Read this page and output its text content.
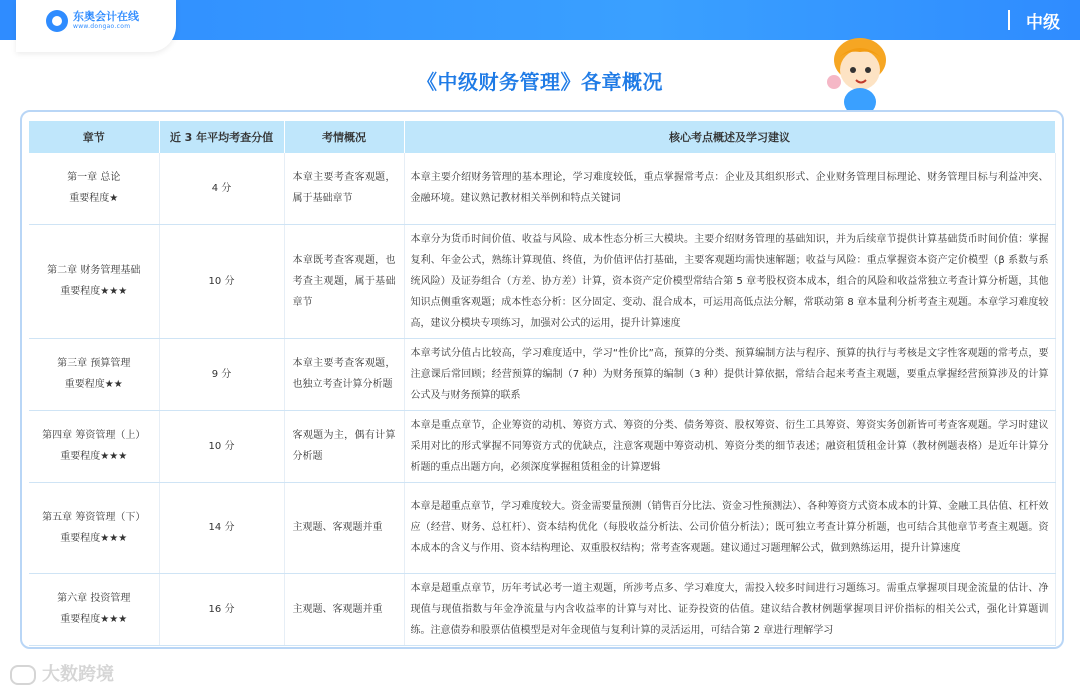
中级
东奥会计在线
www.dongao.com
《中级财务管理》各章概况
章节	近 3 年平均考查分值	考情概况	核心考点概述及学习建议

第一章 总论
重要程度★	4 分	本章主要考查客观题，属于基础章节	本章主要介绍财务管理的基本理论，学习难度较低，重点掌握常考点：企业及其组织形式、企业财务管理目标理论、财务管理目标与利益冲突、金融环境。建议熟记教材相关举例和特点关键词

第二章 财务管理基础
重要程度★★★	10 分	本章既考查客观题，也考查主观题，属于基础章节	本章分为货币时间价值、收益与风险、成本性态分析三大模块。主要介绍财务管理的基础知识，并为后续章节提供计算基础货币时间价值：掌握复利、年金公式，熟练计算现值、终值，为价值评估打基础，主要客观题均需快速解题；收益与风险：重点掌握资本资产定价模型（β 系数与系统风险）及证券组合（方差、协方差）计算，资本资产定价模型常结合第 5 章考股权资本成本，组合的风险和收益常独立考查计算分析题，其他知识点侧重客观题；成本性态分析：区分固定、变动、混合成本，可运用高低点法分解，常联动第 8 章本量利分析考查主观题。本章学习难度较高，建议分模块专项练习，加强对公式的运用，提升计算速度

第三章 预算管理
重要程度★★	9 分	本章主要考查客观题，也独立考查计算分析题	本章考试分值占比较高，学习难度适中，学习“性价比”高，预算的分类、预算编制方法与程序、预算的执行与考核是文字性客观题的常考点，要注意课后常回顾；经营预算的编制（7 种）为财务预算的编制（3 种）提供计算依据，常结合起来考查主观题，要重点掌握经营预算涉及的计算公式及与财务预算的联系

第四章 筹资管理（上）
重要程度★★★	10 分	客观题为主，偶有计算分析题	本章是重点章节，企业筹资的动机、筹资方式、筹资的分类、债务筹资、股权筹资、衍生工具筹资、筹资实务创新皆可考查客观题。学习时建议采用对比的形式掌握不同筹资方式的优缺点，注意客观题中筹资动机、筹资分类的细节表述；融资租赁租金计算（教材例题表格）是近年计算分析题的重点出题方向，必须深度掌握租赁租金的计算逻辑

第五章 筹资管理（下）
重要程度★★★	14 分	主观题、客观题并重	本章是超重点章节，学习难度较大。资金需要量预测（销售百分比法、资金习性预测法）、各种筹资方式资本成本的计算、金融工具估值、杠杆效应（经营、财务、总杠杆）、资本结构优化（每股收益分析法、公司价值分析法）；既可独立考查计算分析题，也可结合其他章节考查主观题。资本成本的含义与作用、资本结构理论、双重股权结构；常考查客观题。建议通过习题理解公式，做到熟练运用，提升计算速度

第六章 投资管理
重要程度★★★	16 分	主观题、客观题并重	本章是超重点章节，历年考试必考一道主观题，所涉考点多、学习难度大，需投入较多时间进行习题练习。需重点掌握项目现金流量的估计、净现值与现值指数与年金净流量与内含收益率的计算与对比、证券投资的估值。建议结合教材例题掌握项目评价指标的相关公式，强化计算题训练。注意债券和股票估值模型是对年金现值与复利计算的灵活运用，可结合第 2 章进行理解学习
大数跨境
